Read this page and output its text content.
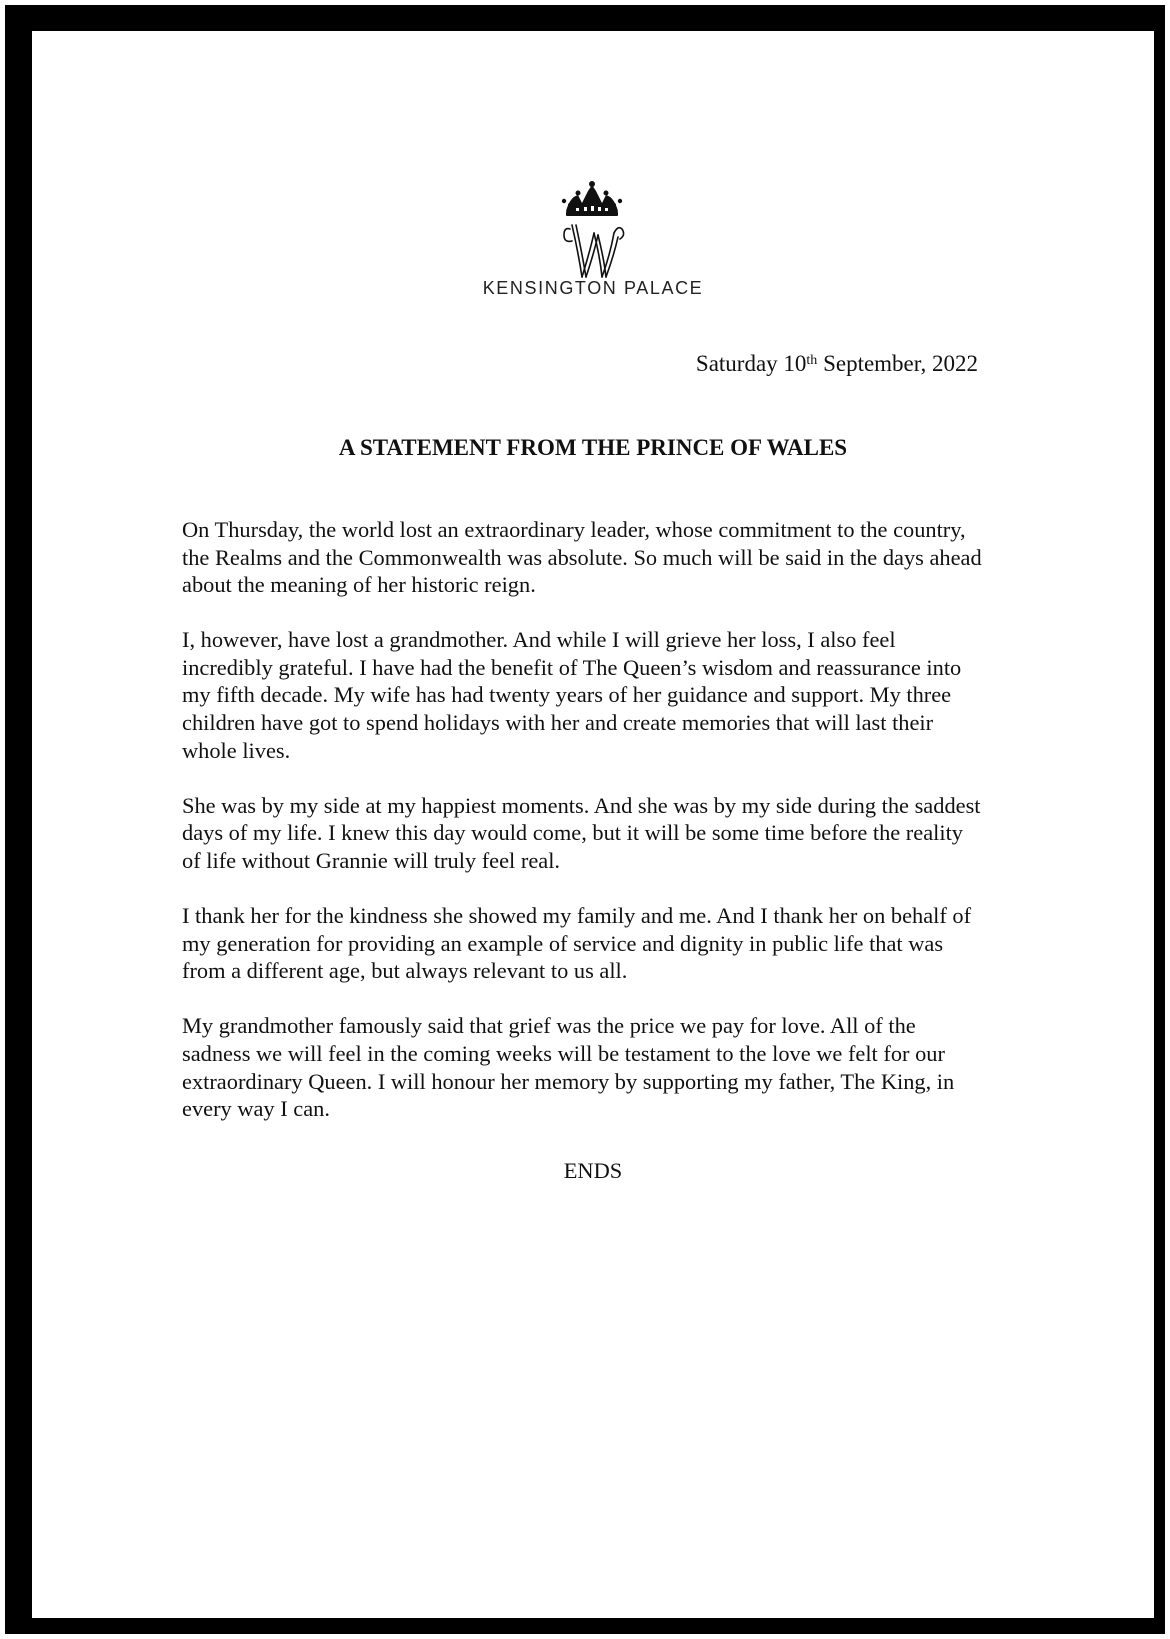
KENSINGTON PALACE

Saturday 10th September, 2022
A STATEMENT FROM THE PRINCE OF WALES

On Thursday, the world lost an extraordinary leader, whose commitment to the country, the Realms and the Commonwealth was absolute. So much will be said in the days ahead about the meaning of her historic reign.

I, however, have lost a grandmother. And while I will grieve her loss, I also feel incredibly grateful. I have had the benefit of The Queen’s wisdom and reassurance into my fifth decade. My wife has had twenty years of her guidance and support. My three children have got to spend holidays with her and create memories that will last their whole lives.

She was by my side at my happiest moments. And she was by my side during the saddest days of my life. I knew this day would come, but it will be some time before the reality of life without Grannie will truly feel real.

I thank her for the kindness she showed my family and me. And I thank her on behalf of my generation for providing an example of service and dignity in public life that was from a different age, but always relevant to us all.

My grandmother famously said that grief was the price we pay for love. All of the sadness we will feel in the coming weeks will be testament to the love we felt for our extraordinary Queen. I will honour her memory by supporting my father, The King, in every way I can.

ENDS
